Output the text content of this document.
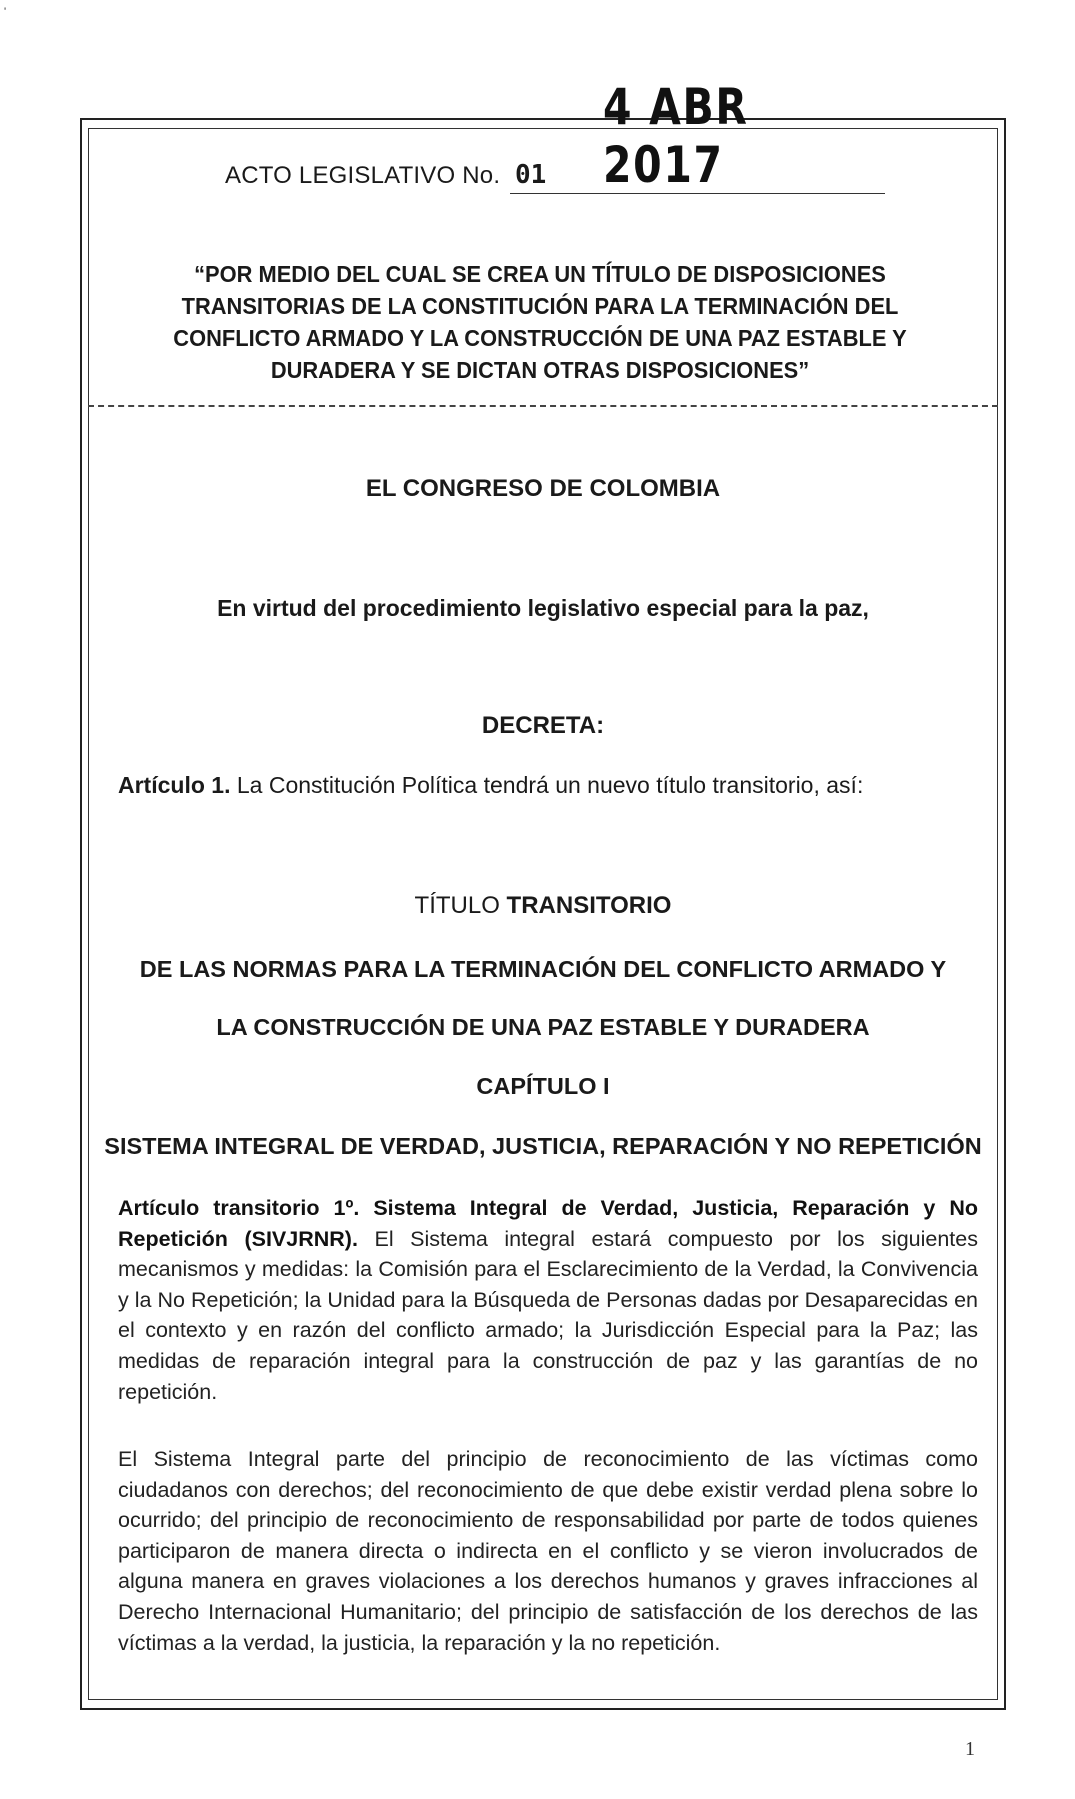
'
ACTO LEGISLATIVO No. 01
4 ABR 2017
“POR MEDIO DEL CUAL SE CREA UN TÍTULO DE DISPOSICIONES TRANSITORIAS DE LA CONSTITUCIÓN PARA LA TERMINACIÓN DEL CONFLICTO ARMADO Y LA CONSTRUCCIÓN DE UNA PAZ ESTABLE Y DURADERA Y SE DICTAN OTRAS DISPOSICIONES”
EL CONGRESO DE COLOMBIA
En virtud del procedimiento legislativo especial para la paz,
DECRETA:
Artículo 1. La Constitución Política tendrá un nuevo título transitorio, así:
TÍTULO TRANSITORIO
DE LAS NORMAS PARA LA TERMINACIÓN DEL CONFLICTO ARMADO Y
LA CONSTRUCCIÓN DE UNA PAZ ESTABLE Y DURADERA
CAPÍTULO I
SISTEMA INTEGRAL DE VERDAD, JUSTICIA, REPARACIÓN Y NO REPETICIÓN
Artículo transitorio 1º. Sistema Integral de Verdad, Justicia, Reparación y No Repetición (SIVJRNR). El Sistema integral estará compuesto por los siguientes mecanismos y medidas: la Comisión para el Esclarecimiento de la Verdad, la Convivencia y la No Repetición; la Unidad para la Búsqueda de Personas dadas por Desaparecidas en el contexto y en razón del conflicto armado; la Jurisdicción Especial para la Paz; las medidas de reparación integral para la construcción de paz y las garantías de no repetición.
El Sistema Integral parte del principio de reconocimiento de las víctimas como ciudadanos con derechos; del reconocimiento de que debe existir verdad plena sobre lo ocurrido; del principio de reconocimiento de responsabilidad por parte de todos quienes participaron de manera directa o indirecta en el conflicto y se vieron involucrados de alguna manera en graves violaciones a los derechos humanos y graves infracciones al Derecho Internacional Humanitario; del principio de satisfacción de los derechos de las víctimas a la verdad, la justicia, la reparación y la no repetición.
1
